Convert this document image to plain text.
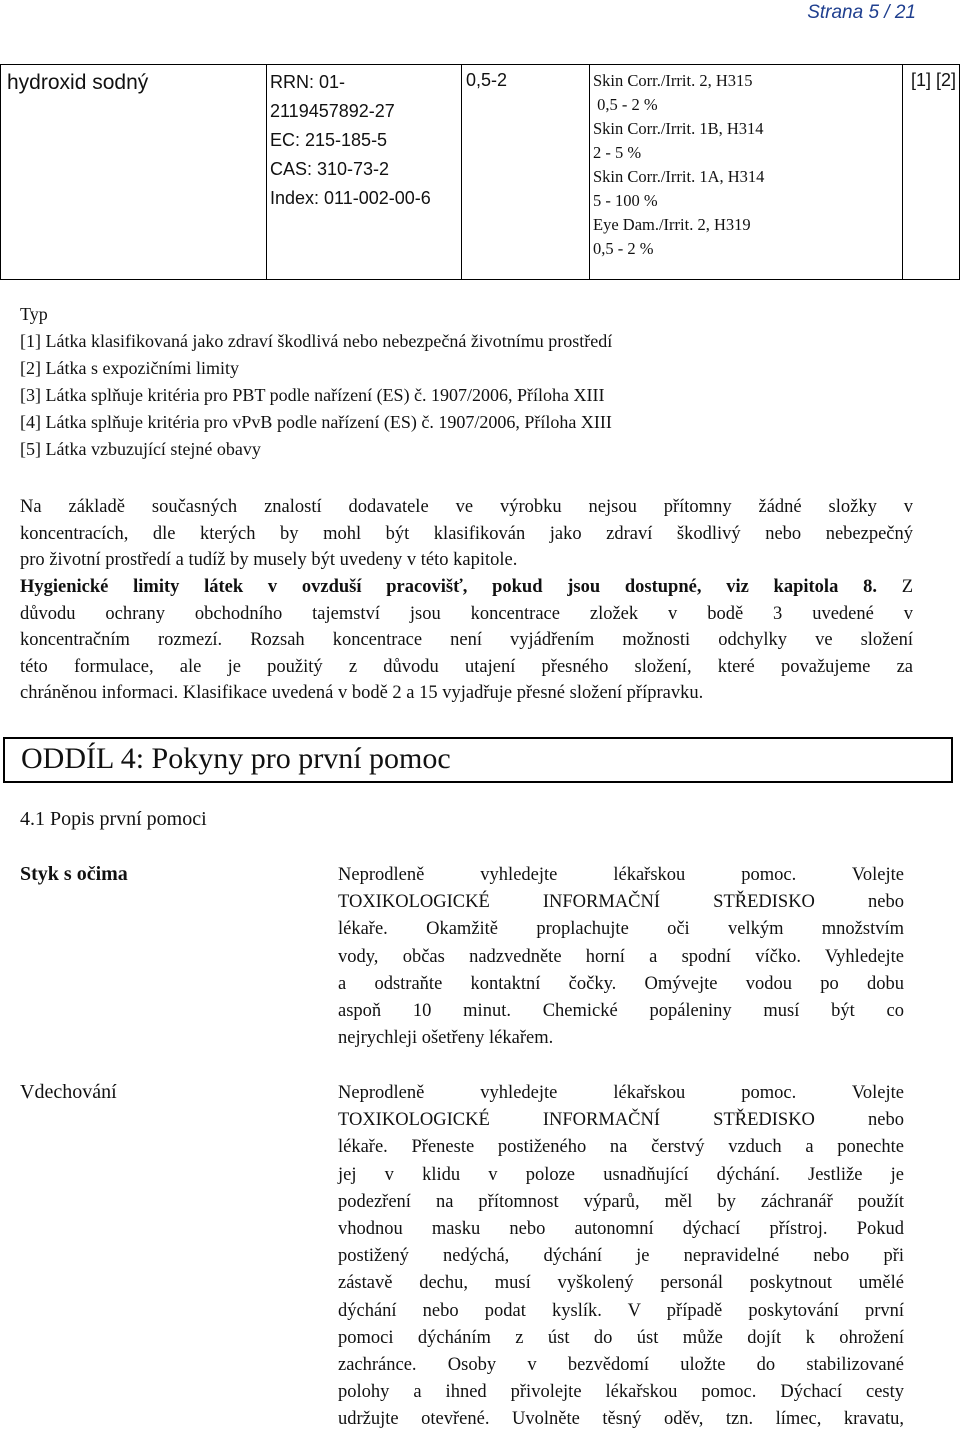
Strana 5 / 21
hydroxid sodný	RRN: 01-
2119457892-27
EC: 215-185-5
CAS: 310-73-2
Index: 011-002-00-6
	0,5-2	Skin Corr./Irrit. 2, H315
0,5 - 2 %
Skin Corr./Irrit. 1B, H314
2 - 5 %
Skin Corr./Irrit. 1A, H314
5 - 100 %
Eye Dam./Irrit. 2, H319
0,5 - 2 %
	[1] [2]
Typ
[1] Látka klasifikovaná jako zdraví škodlivá nebo nebezpečná životnímu prostředí
[2] Látka s expozičními limity
[3] Látka splňuje kritéria pro PBT podle nařízení (ES) č. 1907/2006, Příloha XIII
[4] Látka splňuje kritéria pro vPvB podle nařízení (ES) č. 1907/2006, Příloha XIII
[5] Látka vzbuzující stejné obavy
Na základě současných znalostí dodavatele ve výrobku nejsou přítomny žádné složky v
koncentracích, dle kterých by mohl být klasifikován jako zdraví škodlivý nebo nebezpečný
pro životní prostředí a tudíž by musely být uvedeny v této kapitole.
Hygienické limity látek v ovzduší pracovišť, pokud jsou dostupné, viz kapitola 8. Z
důvodu ochrany obchodního tajemství jsou koncentrace zložek v bodě 3 uvedené v
koncentračním rozmezí. Rozsah koncentrace není vyjádřením možnosti odchylky ve složení
této formulace, ale je použitý z důvodu utajení přesného složení, které považujeme za
chráněnou informaci. Klasifikace uvedená v bodě 2 a 15 vyjadřuje přesné složení přípravku.
ODDÍL 4: Pokyny pro první pomoc
4.1 Popis první pomoci
Styk s očima	Neprodleně vyhledejte lékařskou pomoc. Volejte
TOXIKOLOGICKÉ INFORMAČNÍ STŘEDISKO nebo
lékaře. Okamžitě proplachujte oči velkým množstvím
vody, občas nadzvedněte horní a spodní víčko. Vyhledejte
a odstraňte kontaktní čočky. Omývejte vodou po dobu
aspoň 10 minut. Chemické popáleniny musí být co
nejrychleji ošetřeny lékařem.
Vdechování	Neprodleně vyhledejte lékařskou pomoc. Volejte
TOXIKOLOGICKÉ INFORMAČNÍ STŘEDISKO nebo
lékaře. Přeneste postiženého na čerstvý vzduch a ponechte
jej v klidu v poloze usnadňující dýchání. Jestliže je
podezření na přítomnost výparů, měl by záchranář použít
vhodnou masku nebo autonomní dýchací přístroj. Pokud
postižený nedýchá, dýchání je nepravidelné nebo při
zástavě dechu, musí vyškolený personál poskytnout umělé
dýchání nebo podat kyslík. V případě poskytování první
pomoci dýcháním z úst do úst může dojít k ohrožení
zachránce. Osoby v bezvědomí uložte do stabilizované
polohy a ihned přivolejte lékařskou pomoc. Dýchací cesty
udržujte otevřené. Uvolněte těsný oděv, tzn. límec, kravatu,
